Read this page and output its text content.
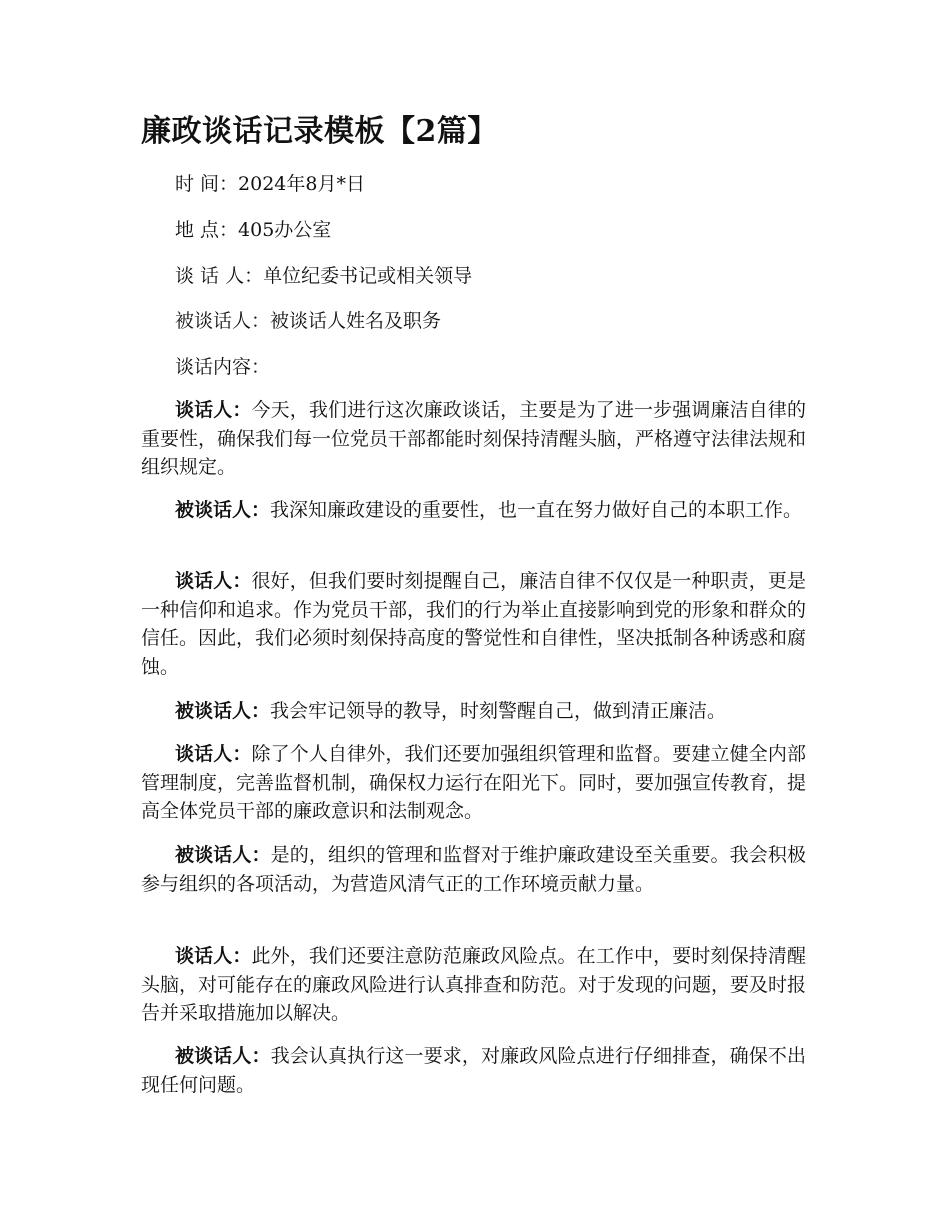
廉政谈话记录模板【2篇】
时 间：2024年8月*日
地 点：405办公室
谈 话 人：单位纪委书记或相关领导
被谈话人：被谈话人姓名及职务
谈话内容：

谈话人：今天，我们进行这次廉政谈话，主要是为了进一步强调廉洁自律的重要性，确保我们每一位党员干部都能时刻保持清醒头脑，严格遵守法律法规和组织规定。

被谈话人：我深知廉政建设的重要性，也一直在努力做好自己的本职工作。

谈话人：很好，但我们要时刻提醒自己，廉洁自律不仅仅是一种职责，更是一种信仰和追求。作为党员干部，我们的行为举止直接影响到党的形象和群众的信任。因此，我们必须时刻保持高度的警觉性和自律性，坚决抵制各种诱惑和腐蚀。

被谈话人：我会牢记领导的教导，时刻警醒自己，做到清正廉洁。

谈话人：除了个人自律外，我们还要加强组织管理和监督。要建立健全内部管理制度，完善监督机制，确保权力运行在阳光下。同时，要加强宣传教育，提高全体党员干部的廉政意识和法制观念。

被谈话人：是的，组织的管理和监督对于维护廉政建设至关重要。我会积极参与组织的各项活动，为营造风清气正的工作环境贡献力量。

谈话人：此外，我们还要注意防范廉政风险点。在工作中，要时刻保持清醒头脑，对可能存在的廉政风险进行认真排查和防范。对于发现的问题，要及时报告并采取措施加以解决。

被谈话人：我会认真执行这一要求，对廉政风险点进行仔细排查，确保不出现任何问题。
